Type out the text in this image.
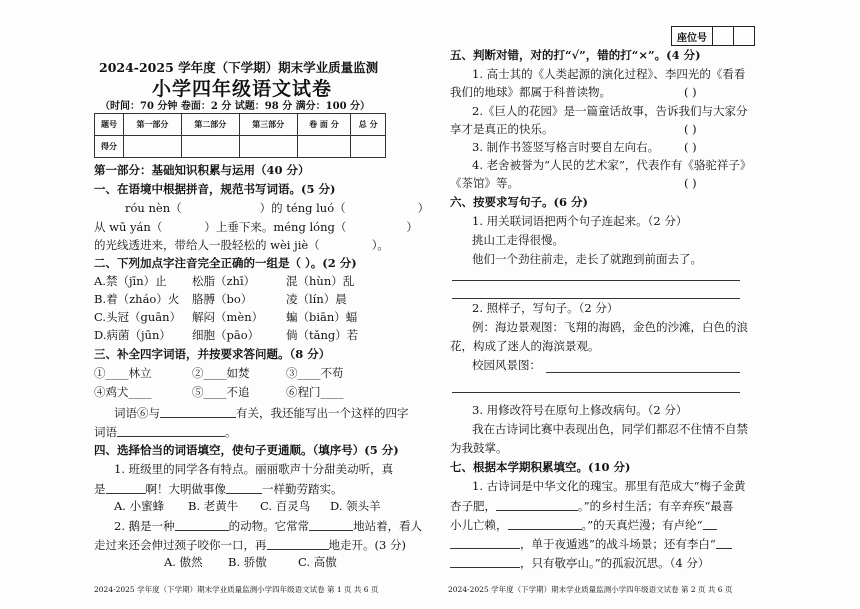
座位号
2024-2025 学年度（下学期）期末学业质量监测
小学四年级语文试卷
（时间：70 分钟 卷面：2 分 试题：98 分 满分：100 分）
题号	第一部分	第二部分	第三部分	卷 面 分	总 分
得分					
第一部分：基础知识积累与运用（40 分）
一、在语境中根据拼音，规范书写词语。(5 分)
róu nèn（	）的 téng luó（	）
从 wū yán（	）上垂下来。méng lóng（	）
的光线透进来，带给人一股轻松的 wèi jiè（	）。
二、下列加点字注音完全正确的一组是（ ）。(2 分)
A.禁（jīn）止 松脂（zhī）	混（hùn）乱
B.着（zháo）火 胳膊（bo）	凌（lín）晨
C.头冠（guān） 解闷（mèn） 蝙（biān）蝠
D.病菌（jūn） 细胞（pāo） 倘（tǎng）若
三、补全四字词语，并按要求答问题。（8 分）
①____林立	②____如焚	③____不苟
④鸡犬____	⑤____不追	⑥程门____
词语⑥与	有关，我还能写出一个这样的四字
词语	。
四、选择恰当的词语填空，使句子更通顺。（填序号）(5 分)
1. 班级里的同学各有特点。丽丽歌声十分甜美动听，真
是	啊！大明做事像	一样勤劳踏实。
A. 小蜜蜂 B. 老黄牛 C. 百灵鸟 D. 领头羊
2. 鹅是一种	的动物。它常常	地站着，看人
走过来还会伸过颈子咬你一口，再	地走开。(3 分)
A. 傲然 B. 骄傲	C. 高傲
2024-2025 学年度（下学期）期末学业质量监测小学四年级语文试卷 第 1 页 共 6 页
五、判断对错，对的打“√”，错的打“×”。(4 分)
1. 高士其的《人类起源的演化过程》、李四光的《看看
我们的地球》都属于科普读物。	( )
2.《巨人的花园》是一篇童话故事，告诉我们与大家分
享才是真正的快乐。	( )
3. 制作书签竖写格言时要自左向右。 ( )
4. 老舍被誉为“人民的艺术家”，代表作有《骆驼祥子》
《茶馆》等。	( )
六、按要求写句子。(6 分)
1. 用关联词语把两个句子连起来。（2 分）
挑山工走得很慢。
他们一个劲往前走，走长了就跑到前面去了。
2. 照样子，写句子。（2 分）
例：海边景观图：飞翔的海鸥，金色的沙滩，白色的浪
花，构成了迷人的海滨景观。
校园风景图：
3. 用修改符号在原句上修改病句。（2 分）
我在古诗词比赛中表现出色，同学们都忍不住情不自禁
为我鼓掌。
七、根据本学期积累填空。(10 分)
1. 古诗词是中华文化的瑰宝。那里有范成大“梅子金黄
杏子肥，	。”的乡村生活；有辛弃疾“最喜
小儿亡赖，	。”的天真烂漫；有卢纶“
，单于夜遁逃”的战斗场景；还有李白“
，只有敬亭山。”的孤寂沉思。（4 分）
2024-2025 学年度（下学期）期末学业质量监测小学四年级语文试卷 第 2 页 共 6 页
